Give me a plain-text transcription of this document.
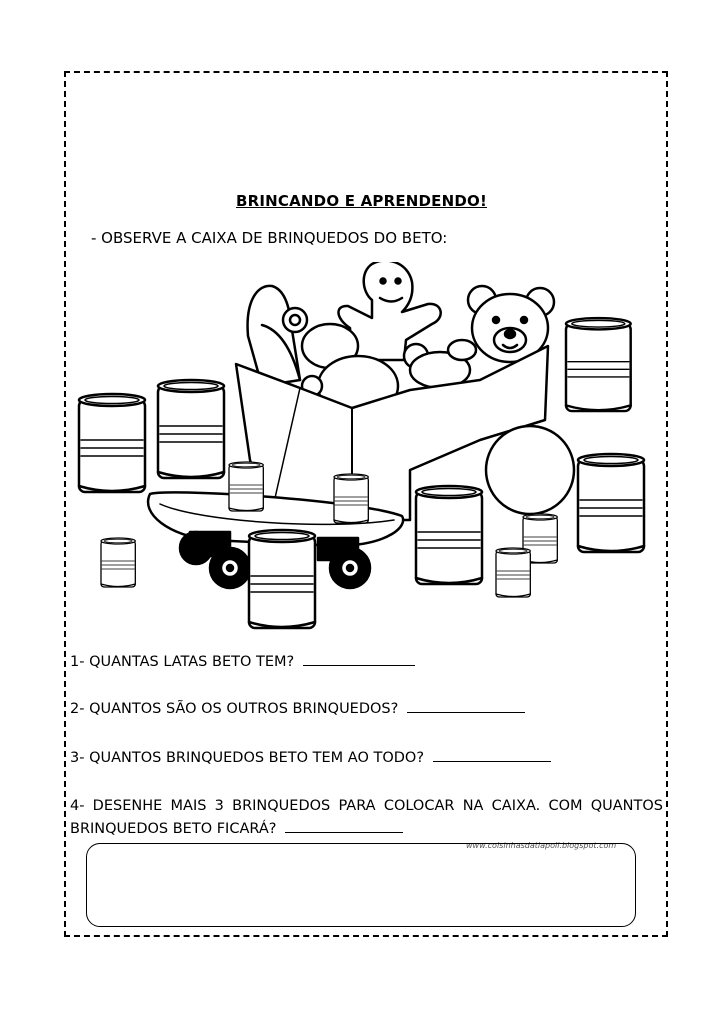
BRINCANDO E APRENDENDO!
- OBSERVE A CAIXA DE BRINQUEDOS DO BETO:
1- QUANTAS LATAS BETO TEM?
2- QUANTOS SÃO OS OUTROS BRINQUEDOS?
3- QUANTOS BRINQUEDOS BETO TEM AO TODO?
4- DESENHE MAIS 3 BRINQUEDOS PARA COLOCAR NA CAIXA. COM QUANTOS BRINQUEDOS BETO FICARÁ?
www.coisinhasdatiapoli.blogspot.com
